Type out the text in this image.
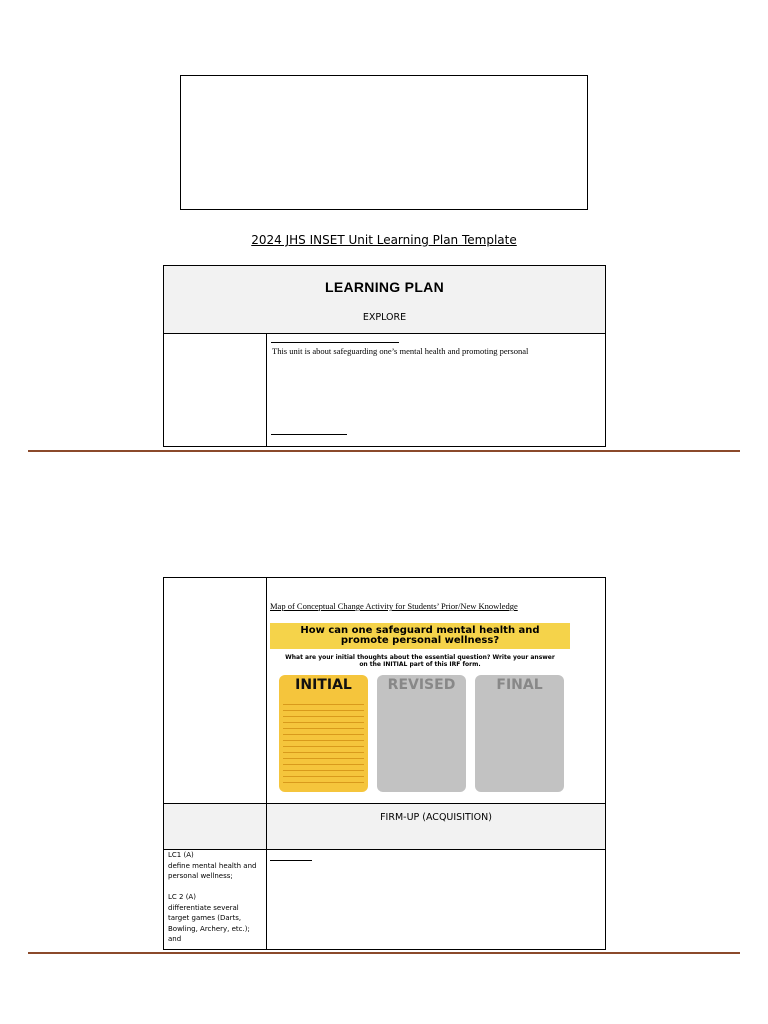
2024 JHS INSET Unit Learning Plan Template
LEARNING PLAN
EXPLORE
This unit is about safeguarding one’s mental health and promoting personal
Map of Conceptual Change Activity for Students’ Prior/New Knowledge
How can one safeguard mental health and
promote personal wellness?
What are your initial thoughts about the essential question? Write your answer
on the INITIAL part of this IRF form.
INITIAL	REVISED	FINAL
FIRM-UP (ACQUISITION)
LC1 (A)
define mental health and
personal wellness;

LC 2 (A)
differentiate several
target games (Darts,
Bowling, Archery, etc.);
and
